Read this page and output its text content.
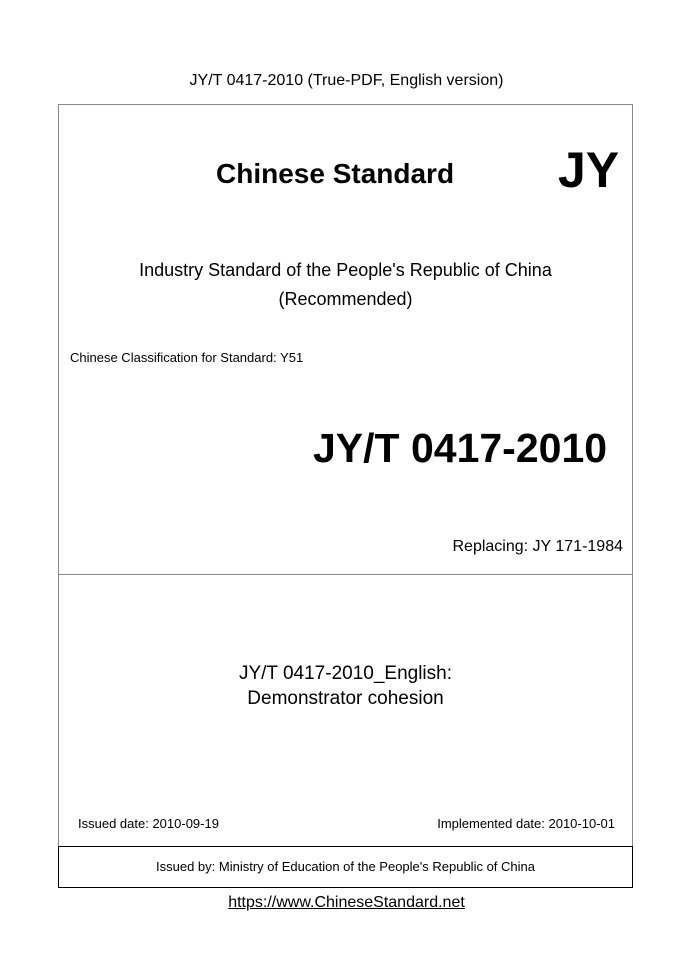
JY/T 0417-2010 (True-PDF, English version)
Chinese Standard JY
Industry Standard of the People's Republic of China
(Recommended)
Chinese Classification for Standard: Y51
JY/T 0417-2010
Replacing: JY 171-1984
JY/T 0417-2010_English:
Demonstrator cohesion
Issued date: 2010-09-19	Implemented date: 2010-10-01
Issued by: Ministry of Education of the People's Republic of China
https://www.ChineseStandard.net
